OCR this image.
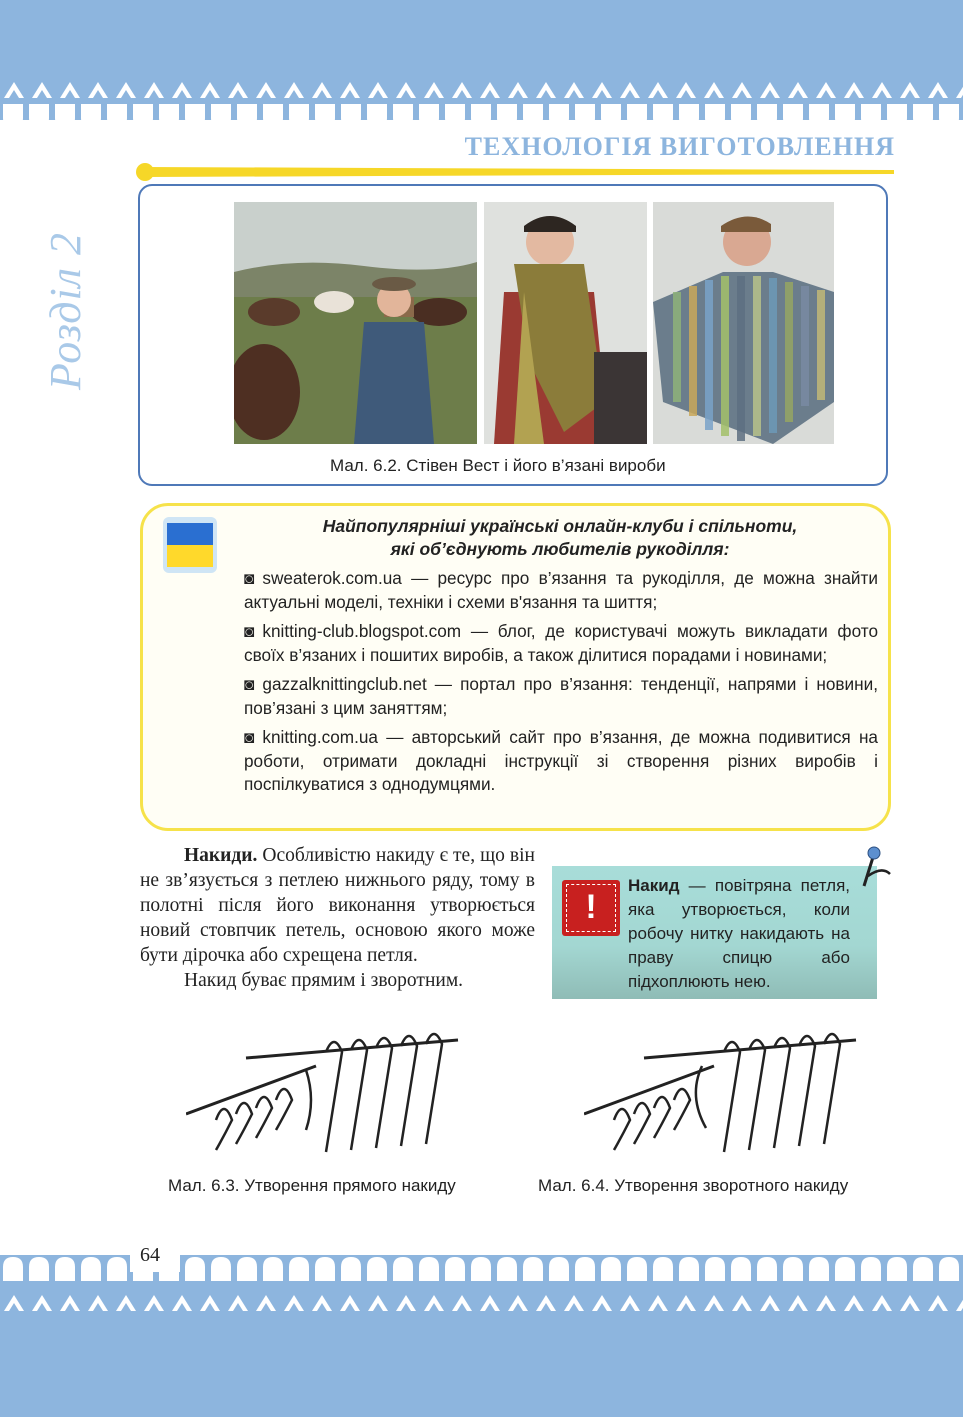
ТЕХНОЛОГІЯ ВИГОТОВЛЕННЯ
Розділ 2
Мал. 6.2. Стівен Вест і його в’язані вироби
Найпопулярніші українські онлайн-клуби і спільноти,
які об’єднують любителів рукоділля:
◙ sweaterok.com.ua — ресурс про в’язання та рукоділля, де можна знайти актуальні моделі, техніки і схеми в'язання та шиття;
◙ knitting-club.blogspot.com — блог, де користувачі можуть викладати фото своїх в’язаних і пошитих виробів, а також ділитися порадами і новинами;
◙ gazzalknittingclub.net — портал про в’язання: тенденції, напрями і новини, пов’язані з цим заняттям;
◙ knitting.com.ua — авторський сайт про в’язання, де можна подивитися на роботи, отримати докладні інструкції зі створення різних виробів і поспілкуватися з однодумцями.

Накиди. Особливістю накиду є те, що він не зв’язується з петлею нижнього ряду, тому в полотні після його виконання утворюється новий стовпчик петель, основою якого може бути дірочка або схрещена петля.

Накид буває прямим і зворотним.

!
Накид — повітряна петля, яка утворюється, коли робочу нитку накидають на праву спицю або підхоплюють нею.
Мал. 6.3. Утворення прямого накиду	Мал. 6.4. Утворення зворотного накиду
64
